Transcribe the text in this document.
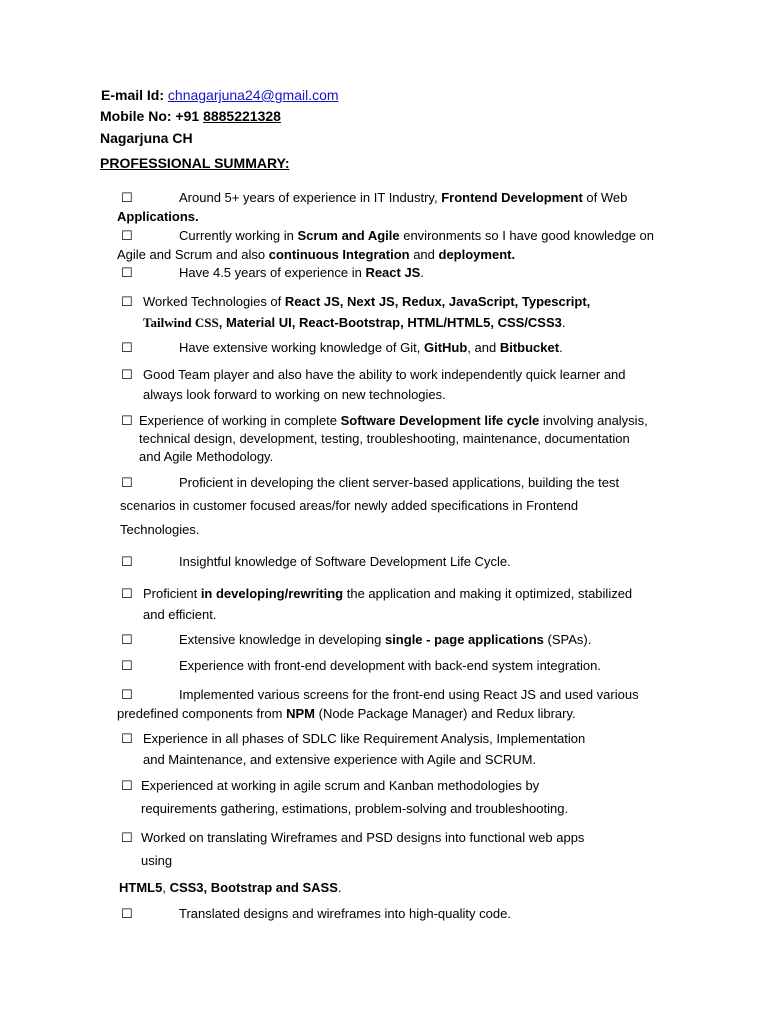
E-mail Id: chnagarjuna24@gmail.com
Mobile No: +91 8885221328
Nagarjuna CH
PROFESSIONAL SUMMARY:
☐	Around 5+ years of experience in IT Industry, Frontend Development of Web
Applications.
☐	Currently working in Scrum and Agile environments so I have good knowledge on
Agile and Scrum and also continuous Integration and deployment.
☐	Have 4.5 years of experience in React JS.
☐ Worked Technologies of React JS, Next JS, Redux, JavaScript, Typescript,
Tailwind CSS, Material UI, React-Bootstrap, HTML/HTML5, CSS/CSS3.
☐	Have extensive working knowledge of Git, GitHub, and Bitbucket.
☐ Good Team player and also have the ability to work independently quick learner and
always look forward to working on new technologies.
☐ Experience of working in complete Software Development life cycle involving analysis,
technical design, development, testing, troubleshooting, maintenance, documentation
and Agile Methodology.
☐	Proficient in developing the client server-based applications, building the test
scenarios in customer focused areas/for newly added specifications in Frontend
Technologies.
☐	Insightful knowledge of Software Development Life Cycle.
☐ Proficient in developing/rewriting the application and making it optimized, stabilized
and efficient.
☐	Extensive knowledge in developing single - page applications (SPAs).
☐	Experience with front-end development with back-end system integration.
☐	Implemented various screens for the front-end using React JS and used various
predefined components from NPM (Node Package Manager) and Redux library.
☐ Experience in all phases of SDLC like Requirement Analysis, Implementation
and Maintenance, and extensive experience with Agile and SCRUM.
☐ Experienced at working in agile scrum and Kanban methodologies by
requirements gathering, estimations, problem-solving and troubleshooting.
☐ Worked on translating Wireframes and PSD designs into functional web apps
using
HTML5, CSS3, Bootstrap and SASS.
☐	Translated designs and wireframes into high-quality code.
